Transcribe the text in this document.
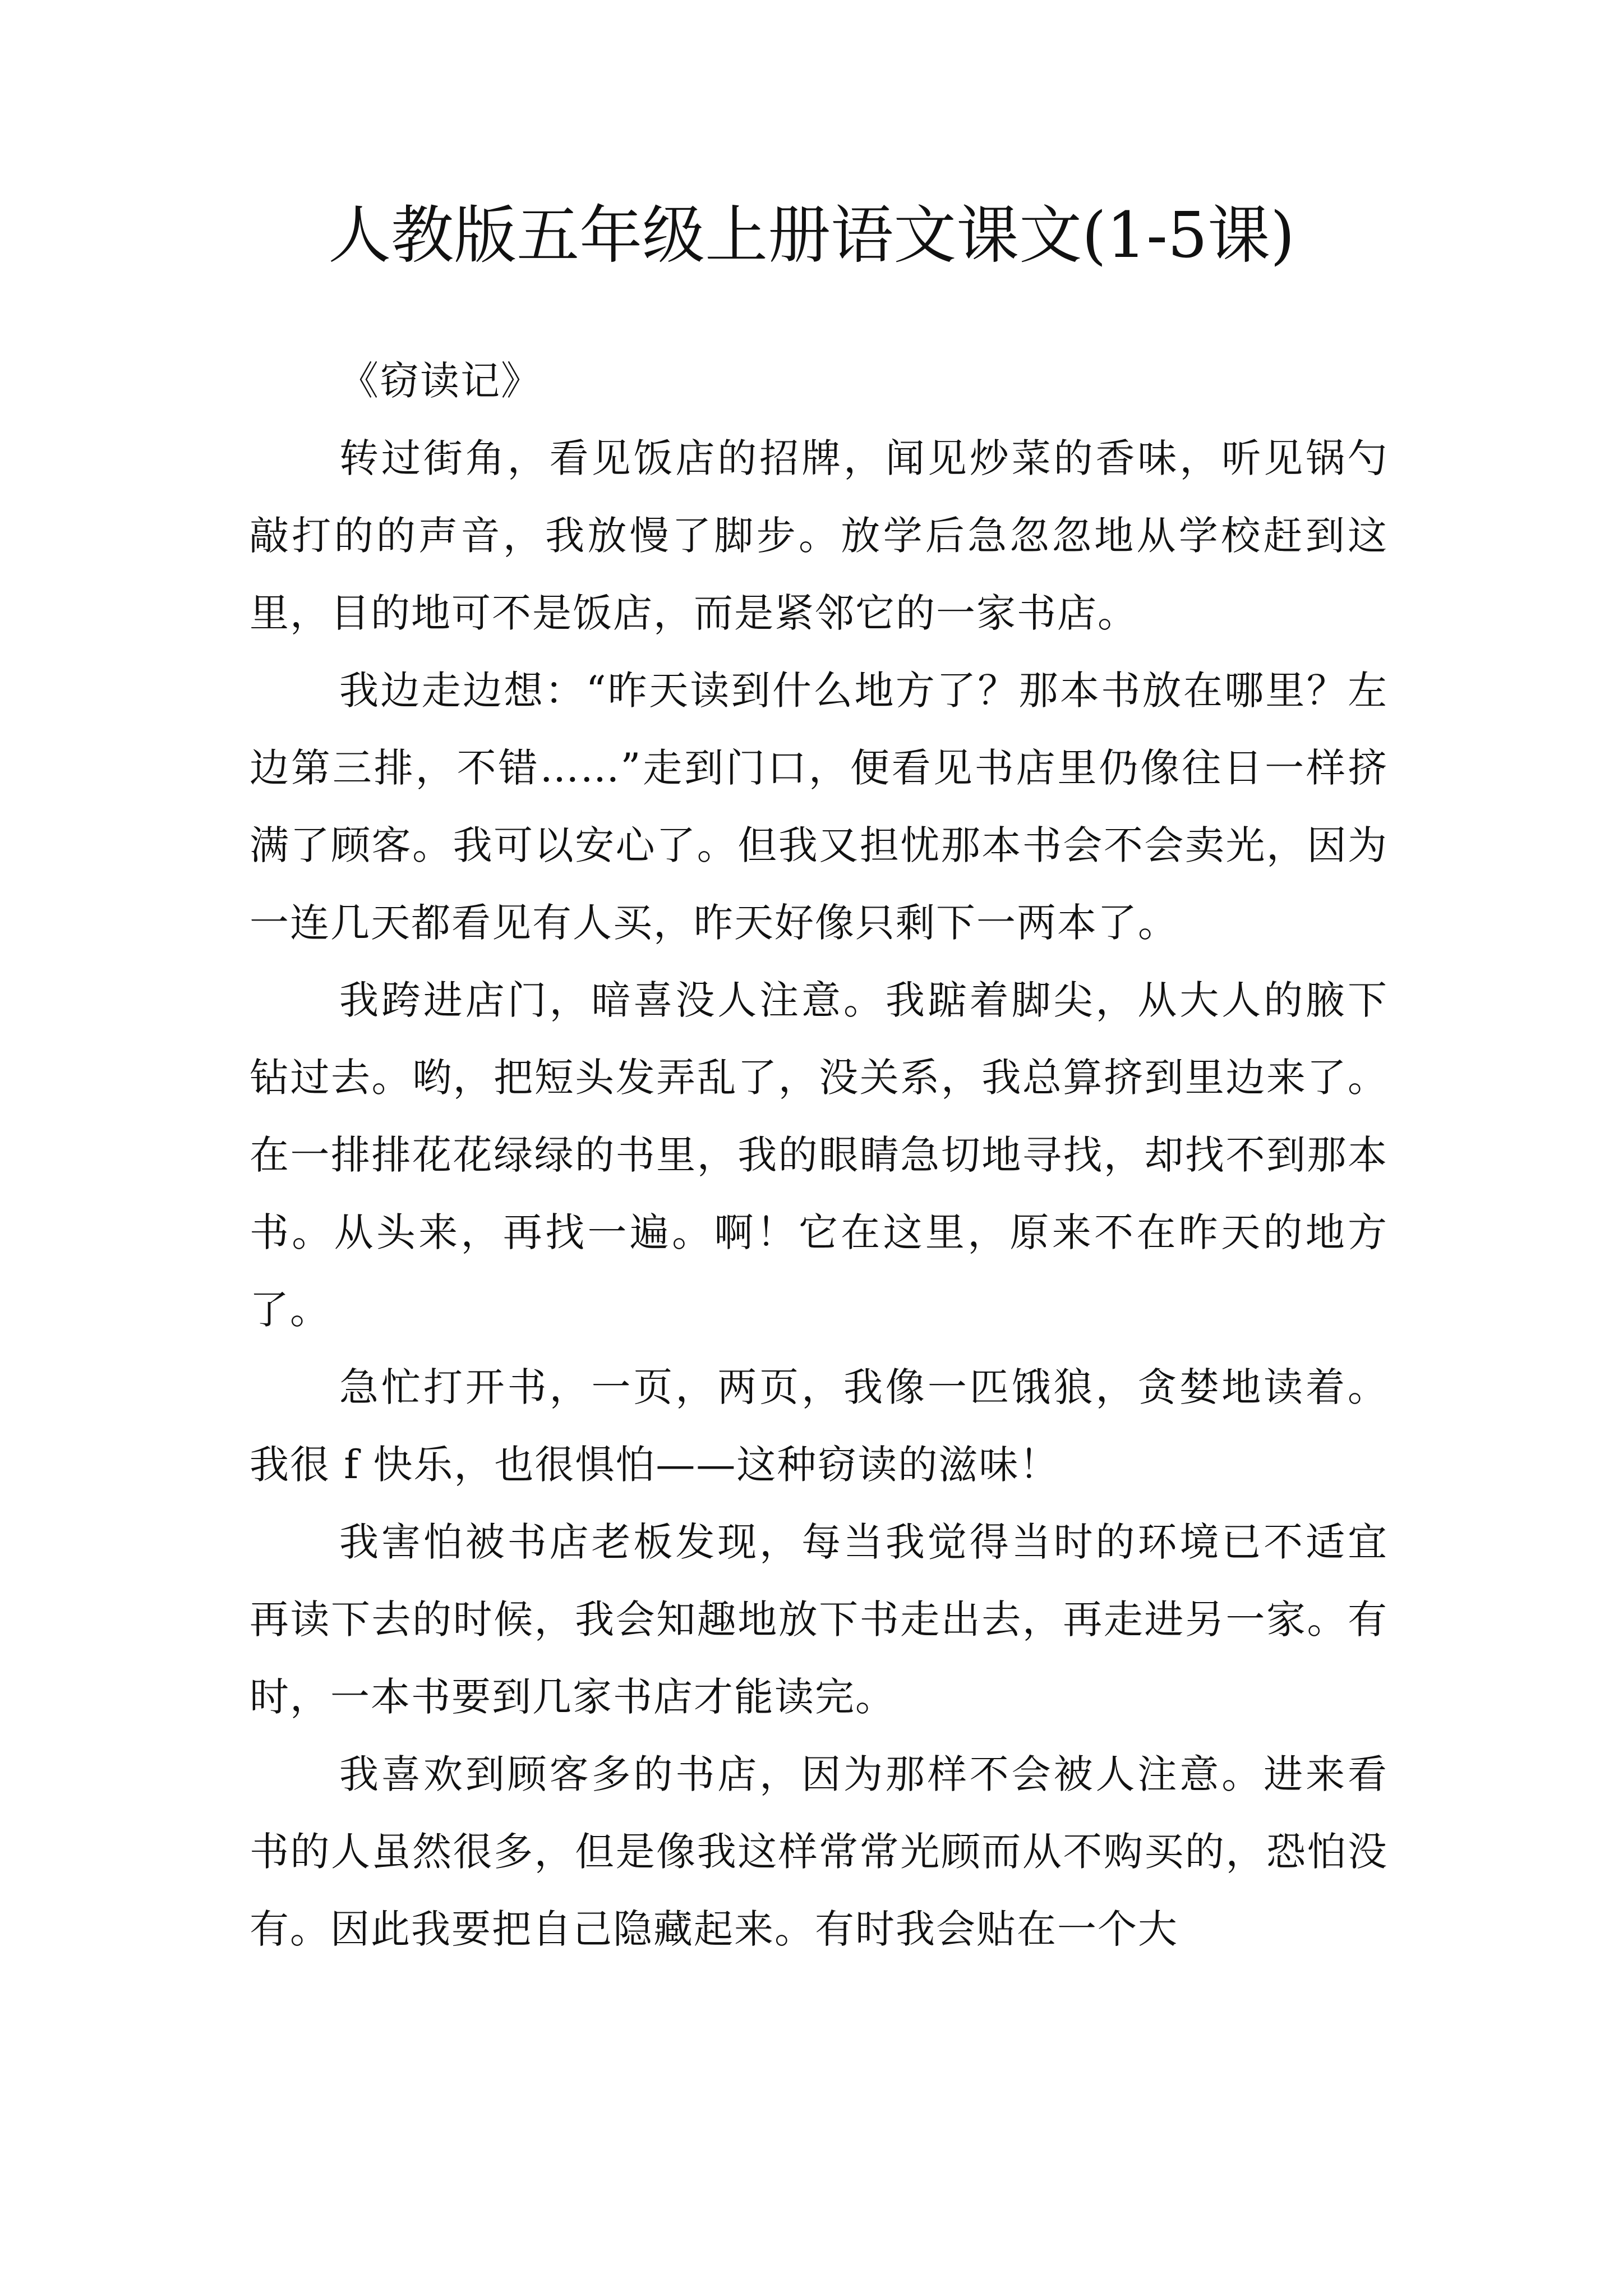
人教版五年级上册语文课文(1-5课)

《窃读记》

转过街角，看见饭店的招牌，闻见炒菜的香味，听见锅勺敲打的的声音，我放慢了脚步。放学后急忽忽地从学校赶到这里，目的地可不是饭店，而是紧邻它的一家书店。

我边走边想：“昨天读到什么地方了？那本书放在哪里？左边第三排，不错……”走到门口，便看见书店里仍像往日一样挤满了顾客。我可以安心了。但我又担忧那本书会不会卖光，因为一连几天都看见有人买，昨天好像只剩下一两本了。

我跨进店门，暗喜没人注意。我踮着脚尖，从大人的腋下钻过去。哟，把短头发弄乱了，没关系，我总算挤到里边来了。在一排排花花绿绿的书里，我的眼睛急切地寻找，却找不到那本书。从头来，再找一遍。啊！它在这里，原来不在昨天的地方了。

急忙打开书，一页，两页，我像一匹饿狼，贪婪地读着。我很 f 快乐，也很惧怕——这种窃读的滋味！

我害怕被书店老板发现，每当我觉得当时的环境已不适宜再读下去的时候，我会知趣地放下书走出去，再走进另一家。有时，一本书要到几家书店才能读完。

我喜欢到顾客多的书店，因为那样不会被人注意。进来看书的人虽然很多，但是像我这样常常光顾而从不购买的，恐怕没有。因此我要把自己隐藏起来。有时我会贴在一个大
